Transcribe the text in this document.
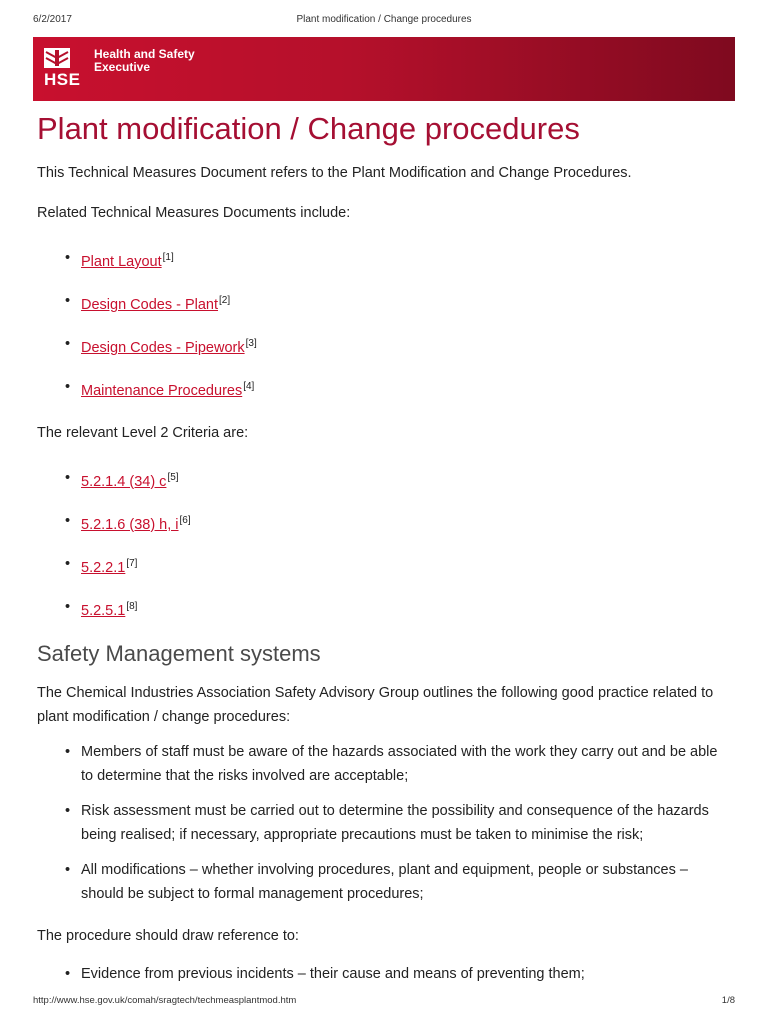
6/2/2017	Plant modification / Change procedures
Health and Safety
Executive
HSE
Plant modification / Change procedures

This Technical Measures Document refers to the Plant Modification and Change Procedures.

Related Technical Measures Documents include:

• Plant Layout[1]
• Design Codes - Plant[2]
• Design Codes - Pipework[3]
• Maintenance Procedures[4]

The relevant Level 2 Criteria are:

• 5.2.1.4 (34) c[5]
• 5.2.1.6 (38) h, i[6]
• 5.2.2.1[7]
• 5.2.5.1[8]
Safety Management systems

The Chemical Industries Association Safety Advisory Group outlines the following good practice related to plant modification / change procedures:

• Members of staff must be aware of the hazards associated with the work they carry out and be able to determine that the risks involved are acceptable;
• Risk assessment must be carried out to determine the possibility and consequence of the hazards being realised; if necessary, appropriate precautions must be taken to minimise the risk;
• All modifications – whether involving procedures, plant and equipment, people or substances – should be subject to formal management procedures;

The procedure should draw reference to:

• Evidence from previous incidents – their cause and means of preventing them;
http://www.hse.gov.uk/comah/sragtech/techmeasplantmod.htm	1/8
